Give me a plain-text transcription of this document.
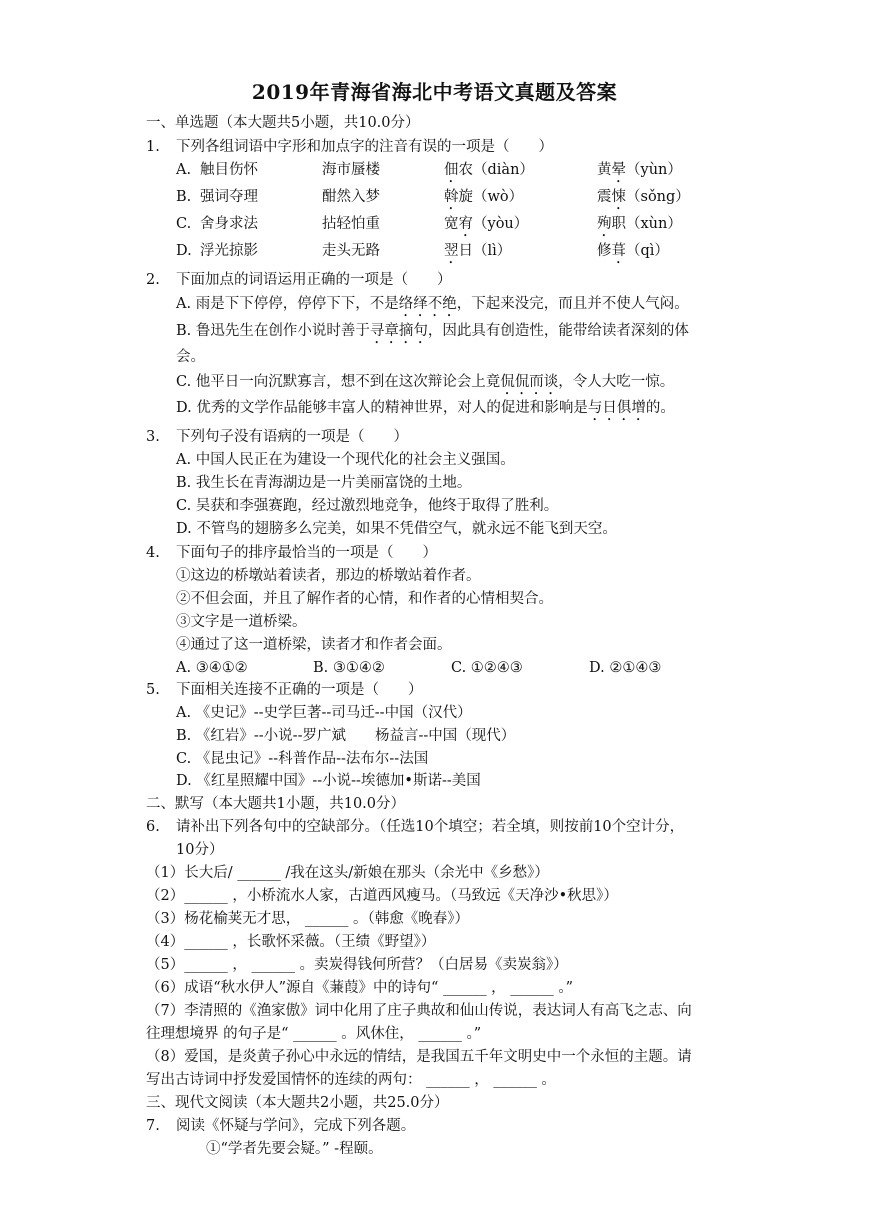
2019年青海省海北中考语文真题及答案
一、单选题（本大题共5小题，共10.0分）
1. 下列各组词语中字形和加点字的注音有误的一项是（　　）
A. 触目伤怀	海市蜃楼	佃农（diàn）	黄晕（yùn）
B. 强词夺理	酣然入梦	斡旋（wò）	震悚（sǒng）
C. 舍身求法	拈轻怕重	宽宥（yòu）	殉职（xùn）
D. 浮光掠影	走头无路	翌日（lì）	修葺（qì）
2. 下面加点的词语运用正确的一项是（　　）
A. 雨是下下停停，停停下下，不是络绎不绝，下起来没完，而且并不使人气闷。
B. 鲁迅先生在创作小说时善于寻章摘句，因此具有创造性，能带给读者深刻的体
会。
C. 他平日一向沉默寡言，想不到在这次辩论会上竟侃侃而谈，令人大吃一惊。
D. 优秀的文学作品能够丰富人的精神世界，对人的促进和影响是与日俱增的。
3. 下列句子没有语病的一项是（　　）
A. 中国人民正在为建设一个现代化的社会主义强国。
B. 我生长在青海湖边是一片美丽富饶的土地。
C. 吴获和李强赛跑，经过激烈地竞争，他终于取得了胜利。
D. 不管鸟的翅膀多么完美，如果不凭借空气，就永远不能飞到天空。
4. 下面句子的排序最恰当的一项是（　　）
①这边的桥墩站着读者，那边的桥墩站着作者。
②不但会面，并且了解作者的心情，和作者的心情相契合。
③文字是一道桥梁。
④通过了这一道桥梁，读者才和作者会面。
A. ③④①②	B. ③①④②	C. ①②④③	D. ②①④③
5. 下面相关连接不正确的一项是（　　）
A. 《史记》--史学巨著--司马迁--中国（汉代）
B. 《红岩》--小说--罗广斌　　杨益言--中国（现代）
C. 《昆虫记》--科普作品--法布尔--法国
D. 《红星照耀中国》--小说--埃德加•斯诺--美国
二、默写（本大题共1小题，共10.0分）
6. 请补出下列各句中的空缺部分。（任选10个填空；若全填，则按前10个空计分，
10分）
（1）长大后/ ______ /我在这头/新娘在那头（余光中《乡愁》）
（2）______ ，小桥流水人家，古道西风瘦马。（马致远《天净沙•秋思》）
（3）杨花榆荚无才思， ______ 。（韩愈《晚春》）
（4）______ ，长歌怀采薇。（王绩《野望》）
（5）______ ， ______ 。卖炭得钱何所营？（白居易《卖炭翁》）
（6）成语“秋水伊人”源自《蒹葭》中的诗句“ ______ ， ______ 。”
（7）李清照的《渔家傲》词中化用了庄子典故和仙山传说，表达词人有高飞之志、向
往理想境界 的句子是“ ______ 。风休住， ______ 。”
（8）爱国，是炎黄子孙心中永远的情结，是我国五千年文明史中一个永恒的主题。请
写出古诗词中抒发爱国情怀的连续的两句： ______ ， ______ 。
三、现代文阅读（本大题共2小题，共25.0分）
7. 阅读《怀疑与学问》，完成下列各题。
①“学者先要会疑。” -程颐。
